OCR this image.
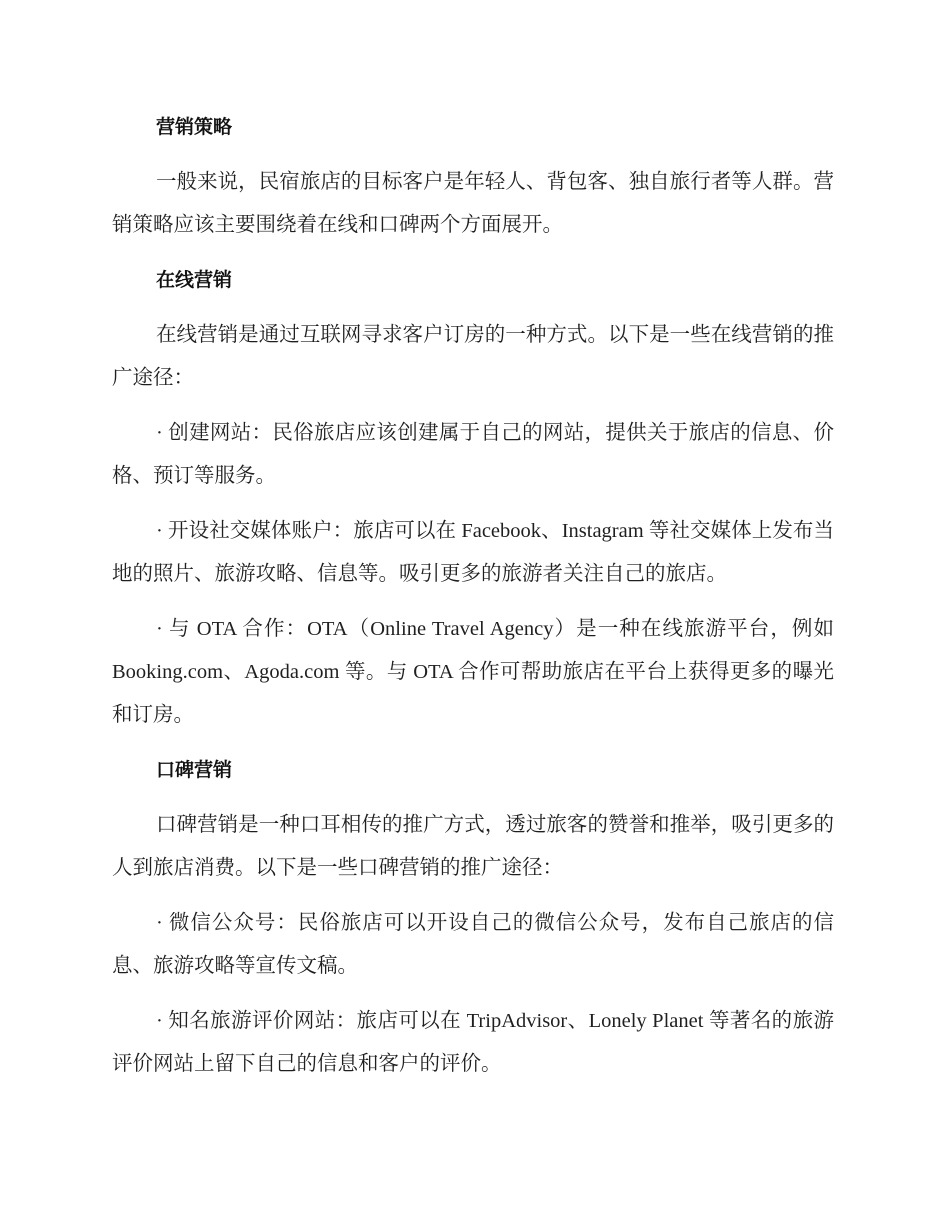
营销策略

一般来说，民宿旅店的目标客户是年轻人、背包客、独自旅行者等人群。营销策略应该主要围绕着在线和口碑两个方面展开。

在线营销

在线营销是通过互联网寻求客户订房的一种方式。以下是一些在线营销的推广途径：

· 创建网站：民俗旅店应该创建属于自己的网站，提供关于旅店的信息、价格、预订等服务。

· 开设社交媒体账户：旅店可以在 Facebook、Instagram 等社交媒体上发布当地的照片、旅游攻略、信息等。吸引更多的旅游者关注自己的旅店。

· 与 OTA 合作：OTA（Online Travel Agency）是一种在线旅游平台，例如 Booking.com、Agoda.com 等。与 OTA 合作可帮助旅店在平台上获得更多的曝光和订房。

口碑营销

口碑营销是一种口耳相传的推广方式，透过旅客的赞誉和推举，吸引更多的人到旅店消费。以下是一些口碑营销的推广途径：

· 微信公众号：民俗旅店可以开设自己的微信公众号，发布自己旅店的信息、旅游攻略等宣传文稿。

· 知名旅游评价网站：旅店可以在 TripAdvisor、Lonely Planet 等著名的旅游评价网站上留下自己的信息和客户的评价。
